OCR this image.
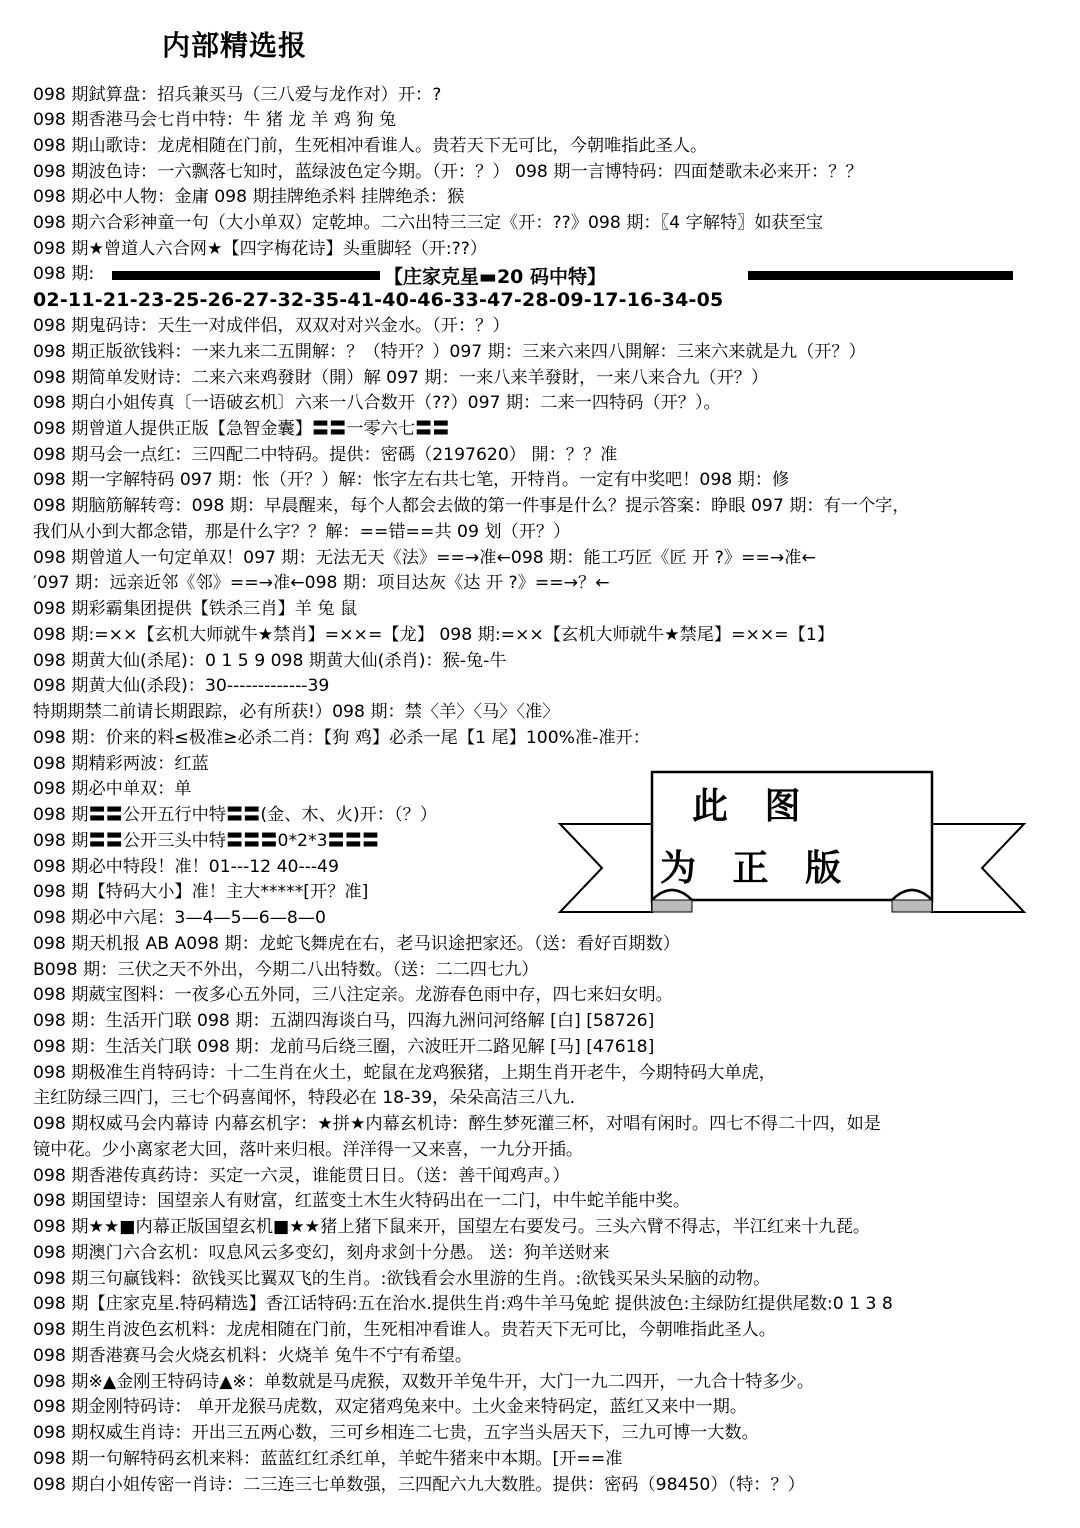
内部精选报
098 期鉽算盘：招兵兼买马（三八爱与龙作对）开：?
098 期香港马会七肖中特：牛 猪 龙 羊 鸡 狗 兔
098 期山歌诗：龙虎相随在门前，生死相冲看谁人。贵若天下无可比，今朝唯指此圣人。
098 期波色诗：一六飘落七知时，蓝绿波色定今期。（开：？） 098 期一言博特码：四面楚歌未必来开：？？
098 期必中人物：金庸 098 期挂牌绝杀料 挂牌绝杀：猴
098 期六合彩神童一句（大小单双）定乾坤。二六出特三三定《开：??》098 期：〖4 字解特〗如获至宝
098 期★曾道人六合网★【四字梅花诗】头重脚轻（开:??）
098 期:	【庄家克星▬20 码中特】
02-11-21-23-25-26-27-32-35-41-40-46-33-47-28-09-17-16-34-05
098 期鬼码诗：天生一对成伴侣，双双对对兴金水。（开：？）
098 期正版欲钱料：一来九来二五開解：？（特开？）097 期：三来六来四八開解：三来六来就是九（开？）
098 期简单发财诗：二来六来鸡發財（開）解 097 期：一来八来羊發財，一来八来合九（开？）
098 期白小姐传真〔一语破玄机〕六来一八合数开（??）097 期：二来一四特码（开？）。
098 期曾道人提供正版【急智金囊】〓〓一零六七〓〓
098 期马会一点红：三四配二中特码。提供：密碼（2197620） 開：？？准
098 期一字解特码 097 期：怅（开？）解：怅字左右共七笔，开特肖。一定有中奖吧！098 期：修
098 期脑筋解转弯：098 期：早晨醒来，每个人都会去做的第一件事是什么？提示答案：睁眼 097 期：有一个字，
我们从小到大都念错，那是什么字？？解：==错==共 09 划（开？）
098 期曾道人一句定单双！097 期：无法无天《法》==→准←098 期：能工巧匠《匠 开 ?》==→准←
′097 期：远亲近邻《邻》==→准←098 期：项目达灰《达 开 ?》==→？←
098 期彩霸集团提供【铁杀三肖】羊 兔 鼠
098 期:=××【玄机大师就牛★禁肖】=××=【龙】 098 期:=××【玄机大师就牛★禁尾】=××=【1】
098 期黄大仙(杀尾)：0 1 5 9 098 期黄大仙(杀肖)：猴-兔-牛
098 期黄大仙(杀段)：30-------------39
特期期禁二前请长期跟踪，必有所获!）098 期：禁〈羊〉〈马〉〈准〉
098 期：价来的料≤极准≥必杀二肖：【狗 鸡】必杀一尾【1 尾】100%准-准开：
098 期精彩两波：红蓝
098 期必中单双：单
098 期〓〓公开五行中特〓〓(金、木、火)开：（？）
098 期〓〓公开三头中特〓〓〓0*2*3〓〓〓
098 期必中特段！准！01---12 40---49
098 期【特码大小】准！主大*****[开？准]
098 期必中六尾：3—4—5—6—8—0
098 期天机报 AB A098 期：龙蛇飞舞虎在右，老马识途把家还。（送：看好百期数）
B098 期：三伏之天不外出，今期二八出特数。（送：二二四七九）
098 期葳宝图料：一夜多心五外同，三八注定亲。龙游春色雨中存，四七来妇女明。
098 期：生活开门联 098 期：五湖四海谈白马，四海九洲问河络解 [白] [58726]
098 期：生活关门联 098 期：龙前马后绕三圈，六波旺开二路见解 [马] [47618]
098 期极准生肖特码诗：十二生肖在火土，蛇鼠在龙鸡猴猪，上期生肖开老牛，今期特码大单虎，
主红防绿三四门，三七个码喜闻怀，特段必在 18-39，朵朵高洁三八九.
098 期权威马会内幕诗 内幕玄机字：★拼★内幕玄机诗：醉生梦死灌三杯，对唱有闲时。四七不得二十四，如是
镜中花。少小离家老大回，落叶来归根。洋洋得一又来喜，一九分开插。
098 期香港传真药诗：买定一六灵，谁能贯日日。（送：善干闻鸡声。）
098 期国望诗：国望亲人有财富，红蓝变土木生火特码出在一二门，中牛蛇羊能中奖。
098 期★★■内幕正版国望玄机■★★猪上猪下鼠来开，国望左右要发弓。三头六臂不得志，半江红来十九琵。
098 期澳门六合玄机：叹息风云多变幻，刻舟求剑十分愚。 送：狗羊送财来
098 期三句赢钱料：欲钱买比翼双飞的生肖。:欲钱看会水里游的生肖。:欲钱买呆头呆脑的动物。
098 期【庄家克星.特码精选】香江话特码:五在治水.提供生肖:鸡牛羊马兔蛇 提供波色:主绿防红提供尾数:0 1 3 8
098 期生肖波色玄机料：龙虎相随在门前，生死相冲看谁人。贵若天下无可比，今朝唯指此圣人。
098 期香港赛马会火烧玄机料：火烧羊 兔牛不宁有希望。
098 期※▲金刚王特码诗▲※：单数就是马虎猴，双数开羊兔牛开，大门一九二四开，一九合十特多少。
098 期金刚特码诗： 单开龙猴马虎数，双定猪鸡兔来中。土火金来特码定，蓝红又来中一期。
098 期权威生肖诗：开出三五两心数，三可乡相连二七贵，五字当头居天下，三九可博一大数。
098 期一句解特码玄机来料：蓝蓝红红杀红单，羊蛇牛猪来中本期。[开==准
098 期白小姐传密一肖诗：二三连三七单数强，三四配六九大数胜。提供：密码（98450）（特：？）
此 图
为 正 版
